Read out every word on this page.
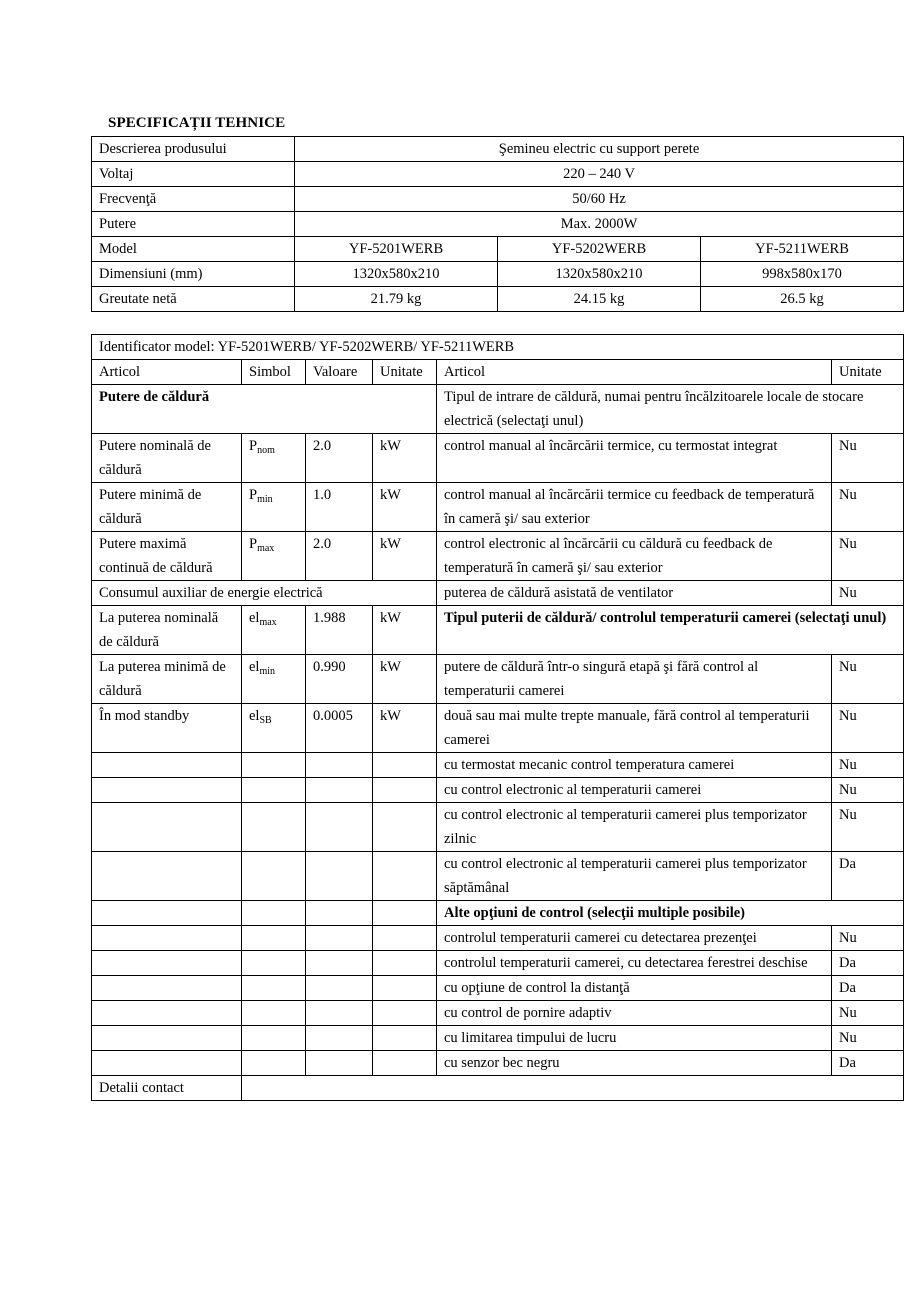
SPECIFICAȚII TEHNICE
Descrierea produsului	Şemineu electric cu support perete		
Voltaj	220 – 240 V		
Frecvenţă	50/60 Hz		
Putere	Max. 2000W		
Model	YF-5201WERB	YF-5202WERB	YF-5211WERB
Dimensiuni (mm)	1320x580x210	1320x580x210	998x580x170
Greutate netă	21.79 kg	24.15 kg	26.5 kg
Identificator model: YF-5201WERB/ YF-5202WERB/ YF-5211WERB					
Articol	Simbol	Valoare	Unitate	Articol	Unitate
Putere de căldură				Tipul de intrare de căldură, numai pentru încălzitoarele locale de stocare electrică (selectaţi unul)	
Putere nominală de căldură	$P_{nom}$	2.0	kW	control manual al încărcării termice, cu termostat integrat	Nu
Putere minimă de căldură	$P_{min}$	1.0	kW	control manual al încărcării termice cu feedback de temperatură în cameră şi/ sau exterior	Nu
Putere maximă continuă de căldură	$P_{max}$	2.0	kW	control electronic al încărcării cu căldură cu feedback de temperatură în cameră şi/ sau exterior	Nu
Consumul auxiliar de energie electrică				puterea de căldură asistată de ventilator	Nu
La puterea nominală de căldură	$el_{max}$	1.988	kW	Tipul puterii de căldură/ controlul temperaturii camerei (selectaţi unul)	
La puterea minimă de căldură	$el_{min}$	0.990	kW	putere de căldură într-o singură etapă şi fără control al temperaturii camerei	Nu
În mod standby	$el_{SB}$	0.0005	kW	două sau mai multe trepte manuale, fără control al temperaturii camerei	Nu
				cu termostat mecanic control temperatura camerei	Nu
				cu control electronic al temperaturii camerei	Nu
				cu control electronic al temperaturii camerei plus temporizator zilnic	Nu
				cu control electronic al temperaturii camerei plus temporizator săptămânal	Da
				Alte opţiuni de control (selecţii multiple posibile)	
				controlul temperaturii camerei cu detectarea prezenţei	Nu
				controlul temperaturii camerei, cu detectarea ferestrei deschise	Da
				cu opţiune de control la distanţă	Da
				cu control de pornire adaptiv	Nu
				cu limitarea timpului de lucru	Nu
				cu senzor bec negru	Da
Detalii contact					
